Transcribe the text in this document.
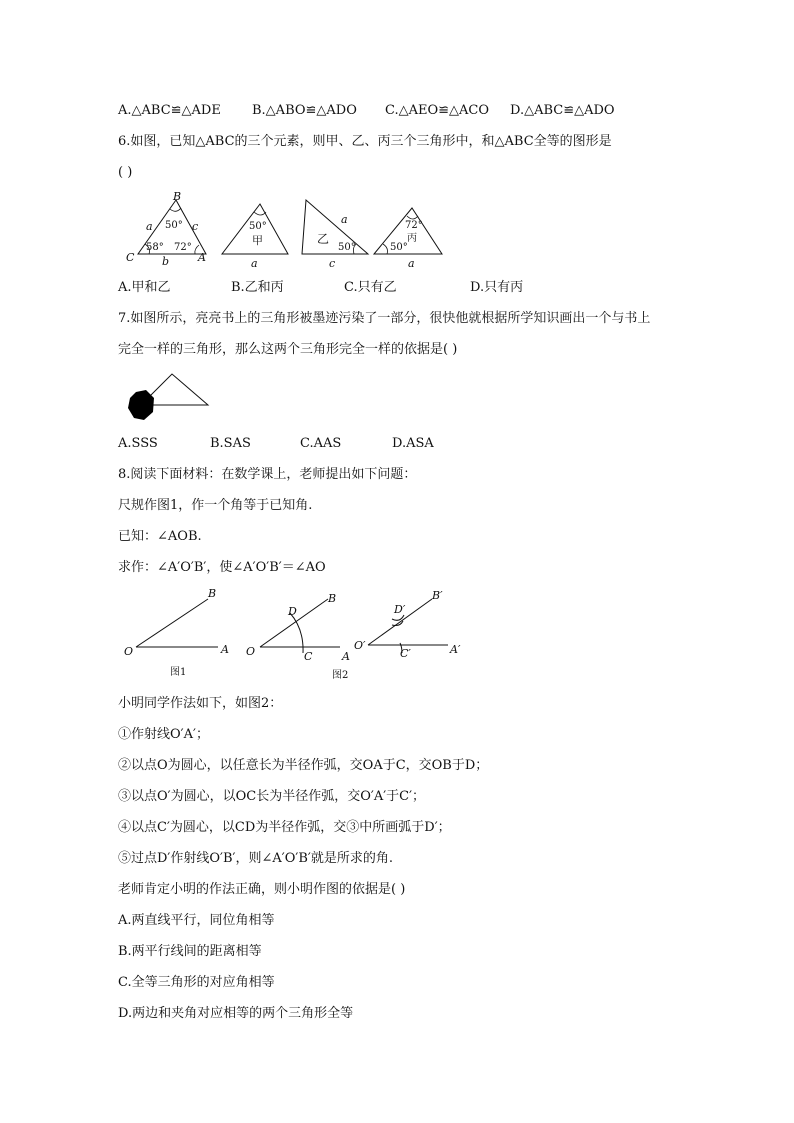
A.△ABC≌△ADE B.△ABO≌△ADO C.△AEO≌△ACO D.△ABC≌△ADO
6.如图，已知△ABC的三个元素，则甲、乙、丙三个三角形中，和△ABC全等的图形是
( )
B
a	c
50°
C
58° 72°
b	A
50°
甲
a
a
乙
50°
c
72°
丙
50°
a
A.甲和乙	B.乙和丙	C.只有乙	D.只有丙
7.如图所示，亮亮书上的三角形被墨迹污染了一部分，很快他就根据所学知识画出一个与书上
完全一样的三角形，那么这两个三角形完全一样的依据是( )
A.SSS	B.SAS	C.AAS	D.ASA
8.阅读下面材料：在数学课上，老师提出如下问题：
尺规作图1，作一个角等于已知角.
已知：∠AOB.
求作：∠A′O′B′，使∠A′O′B′＝∠AO
B
O	A
图1
D
B
O	C	A
图2
D′
B′
O′
C′	A′
小明同学作法如下，如图2：
①作射线O′A′；
②以点O为圆心，以任意长为半径作弧，交OA于C，交OB于D；
③以点O′为圆心，以OC长为半径作弧，交O′A′于C′；
④以点C′为圆心，以CD为半径作弧，交③中所画弧于D′；
⑤过点D′作射线O′B′，则∠A′O′B′就是所求的角.
老师肯定小明的作法正确，则小明作图的依据是( )
A.两直线平行，同位角相等
B.两平行线间的距离相等
C.全等三角形的对应角相等
D.两边和夹角对应相等的两个三角形全等
